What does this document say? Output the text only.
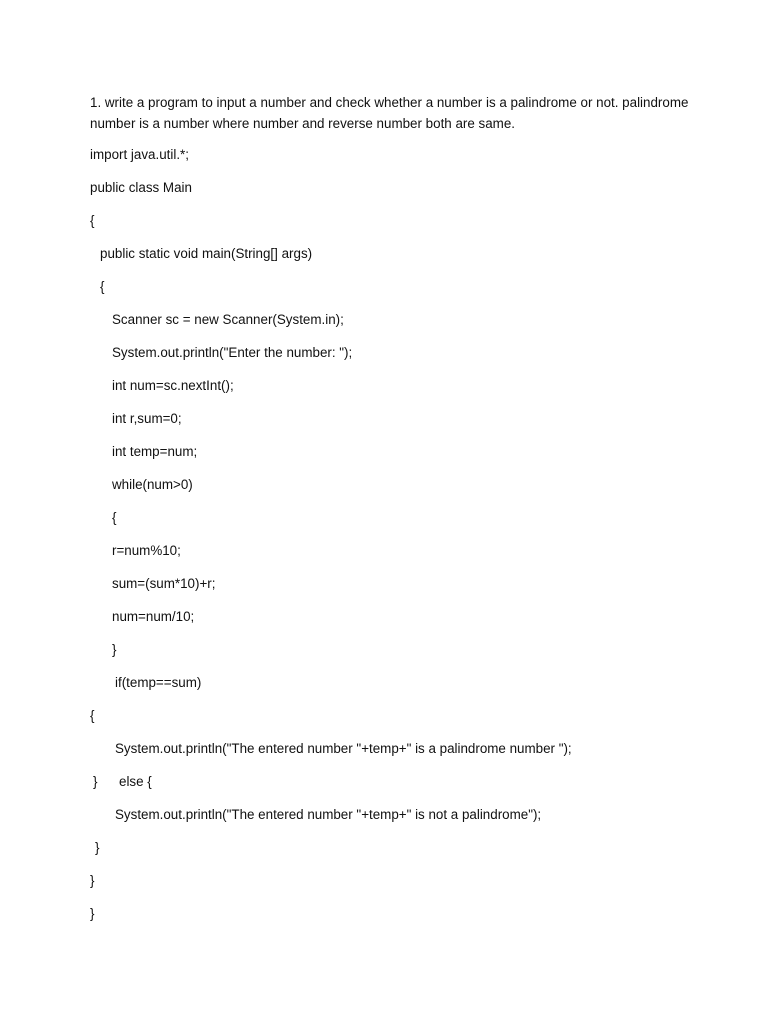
1. write a program to input a number and check whether a number is a palindrome or not. palindrome
number is a number where number and reverse number both are same.

import java.util.*;

public class Main

{

public static void main(String[] args)

{

Scanner sc = new Scanner(System.in);

System.out.println("Enter the number: ");

int num=sc.nextInt();

int r,sum=0;

int temp=num;

while(num>0)

{

r=num%10;

sum=(sum*10)+r;

num=num/10;

}

if(temp==sum)

{

System.out.println("The entered number "+temp+" is a palindrome number ");

} else {

System.out.println("The entered number "+temp+" is not a palindrome");

}

}

}
